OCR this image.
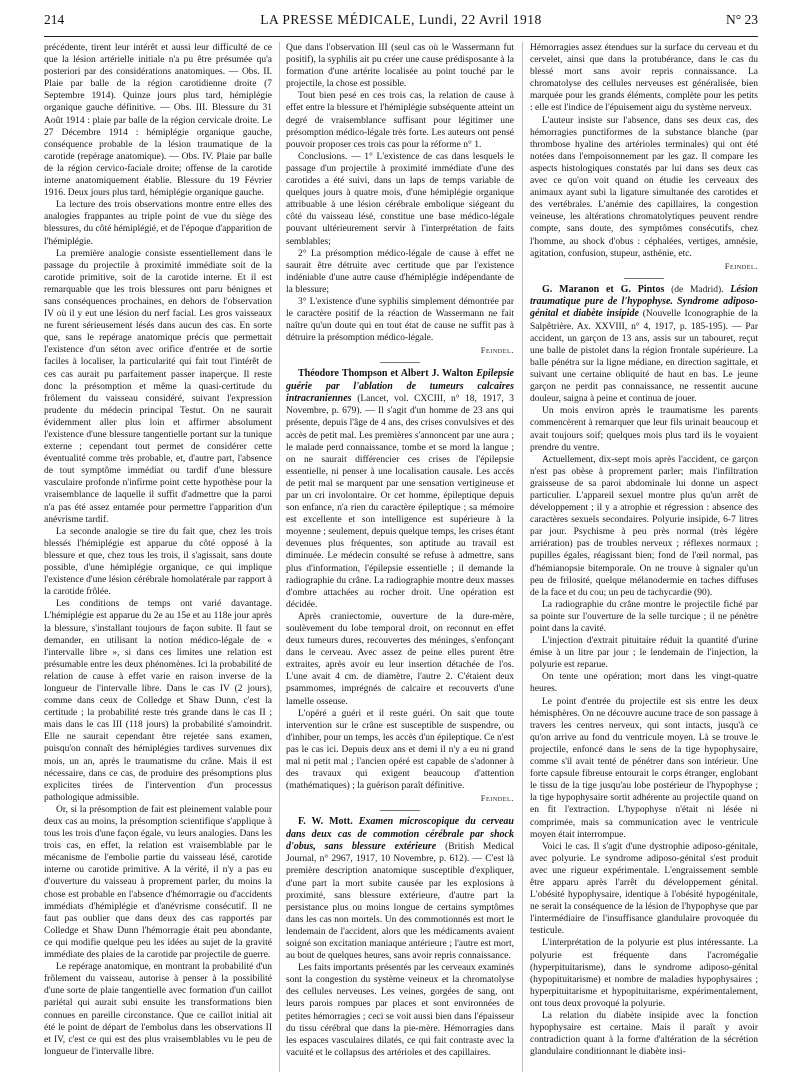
214	LA PRESSE MÉDICALE, Lundi, 22 Avril 1918	N° 23

précédente, tirent leur intérêt et aussi leur difficulté de ce que la lésion artérielle initiale n'a pu être présumée qu'a posteriori par des considérations anatomiques. — Obs. II. Plaie par balle de la région carotidienne droite (7 Septembre 1914). Quinze jours plus tard, hémiplégie organique gauche définitive. — Obs. III. Blessure du 31 Août 1914 : plaie par balle de la région cervicale droite. Le 27 Décembre 1914 : hémiplégie organique gauche, conséquence probable de la lésion traumatique de la carotide (repérage anatomique). — Obs. IV. Plaie par balle de la région cervico-faciale droite; offense de la carotide interne anatomiquement établie. Blessure du 19 Février 1916. Deux jours plus tard, hémiplégie organique gauche.

La lecture des trois observations montre entre elles des analogies frappantes au triple point de vue du siège des blessures, du côté hémiplégié, et de l'époque d'apparition de l'hémiplégie.

La première analogie consiste essentiellement dans le passage du projectile à proximité immédiate soit de la carotide primitive, soit de la carotide interne. Et il est remarquable que les trois blessures ont paru bénignes et sans conséquences prochaines, en dehors de l'observation IV où il y eut une lésion du nerf facial. Les gros vaisseaux ne furent sérieusement lésés dans aucun des cas. En sorte que, sans le repérage anatomique précis que permettait l'existence d'un séton avec orifice d'entrée et de sortie faciles à localiser, la particularité qui fait tout l'intérêt de ces cas aurait pu parfaitement passer inaperçue. Il reste donc la présomption et même la quasi-certitude du frôlement du vaisseau considéré, suivant l'expression prudente du médecin principal Testut. On ne saurait évidemment aller plus loin et affirmer absolument l'existence d'une blessure tangentielle portant sur la tunique externe ; cependant tout permet de considérer cette éventualité comme très probable, et, d'autre part, l'absence de tout symptôme immédiat ou tardif d'une blessure vasculaire profonde n'infirme point cette hypothèse pour la vraisemblance de laquelle il suffit d'admettre que la paroi n'a pas été assez entamée pour permettre l'apparition d'un anévrisme tardif.

La seconde analogie se tire du fait que, chez les trois blessés l'hémiplégie est apparue du côté opposé à la blessure et que, chez tous les trois, il s'agissait, sans doute possible, d'une hémiplégie organique, ce qui implique l'existence d'une lésion cérébrale homolatérale par rapport à la carotide frôlée.

Les conditions de temps ont varié davantage. L'hémiplégie est apparue du 2e au 15e et au 118e jour après la blessure, s'installant toujours de façon subite. Il faut se demander, en utilisant la notion médico-légale de « l'intervalle libre », si dans ces limites une relation est présumable entre les deux phénomènes. Ici la probabilité de relation de cause à effet varie en raison inverse de la longueur de l'intervalle libre. Dans le cas IV (2 jours), comme dans ceux de Colledge et Shaw Dunn, c'est la certitude ; la probabilité reste très grande dans le cas II ; mais dans le cas III (118 jours) la probabilité s'amoindrit. Elle ne saurait cependant être rejetée sans examen, puisqu'on connaît des hémiplégies tardives survenues dix mois, un an, après le traumatisme du crâne. Mais il est nécessaire, dans ce cas, de produire des présomptions plus explicites tirées de l'intervention d'un processus pathologique admissible.

Or, si la présomption de fait est pleinement valable pour deux cas au moins, la présomption scientifique s'applique à tous les trois d'une façon égale, vu leurs analogies. Dans les trois cas, en effet, la relation est vraisemblable par le mécanisme de l'embolie partie du vaisseau lésé, carotide interne ou carotide primitive. A la vérité, il n'y a pas eu d'ouverture du vaisseau à proprement parler, du moins la chose est probable en l'absence d'hémorragie ou d'accidents immédiats d'hémiplégie et d'anévrisme consécutif. Il ne faut pas oublier que dans deux des cas rapportés par Colledge et Shaw Dunn l'hémorragie était peu abondante, ce qui modifie quelque peu les idées au sujet de la gravité immédiate des plaies de la carotide par projectile de guerre.

Le repérage anatomique, en montrant la probabilité d'un frôlement du vaisseau, autorise à penser à la possibilité d'une sorte de plaie tangentielle avec formation d'un caillot pariétal qui aurait subi ensuite les transformations bien connues en pareille circonstance. Que ce caillot initial ait été le point de départ de l'embolus dans les observations II et IV, c'est ce qui est des plus vraisemblables vu le peu de longueur de l'intervalle libre.

Que dans l'observation III (seul cas où le Wassermann fut positif), la syphilis ait pu créer une cause prédisposante à la formation d'une artérite localisée au point touché par le projectile, la chose est possible.

Tout bien pesé en ces trois cas, la relation de cause à effet entre la blessure et l'hémiplégie subséquente atteint un degré de vraisemblance suffisant pour légitimer une présomption médico-légale très forte. Les auteurs ont pensé pouvoir proposer ces trois cas pour la réforme n° 1.

Conclusions. — 1° L'existence de cas dans lesquels le passage d'un projectile à proximité immédiate d'une des carotides a été suivi, dans un laps de temps variable de quelques jours à quatre mois, d'une hémiplégie organique attribuable à une lésion cérébrale embolique siégeant du côté du vaisseau lésé, constitue une base médico-légale pouvant ultérieurement servir à l'interprétation de faits semblables;

2° La présomption médico-légale de cause à effet ne saurait être détruite avec certitude que par l'existence indéniable d'une autre cause d'hémiplégie indépendante de la blessure;

3° L'existence d'une syphilis simplement démontrée par le caractère positif de la réaction de Wassermann ne fait naître qu'un doute qui en tout état de cause ne suffit pas à détruire la présomption médico-légale.

Feindel.

Théodore Thompson et Albert J. Walton Epilepsie guérie par l'ablation de tumeurs calcaires intracraniennes (Lancet, vol. CXCIII, n° 18, 1917, 3 Novembre, p. 679). — Il s'agit d'un homme de 23 ans qui présente, depuis l'âge de 4 ans, des crises convulsives et des accès de petit mal. Les premières s'annoncent par une aura ; le malade perd connaissance, tombe et se mord la langue ; on ne saurait différencier ces crises de l'épilepsie essentielle, ni penser à une localisation causale. Les accès de petit mal se marquent par une sensation vertigineuse et par un cri involontaire. Or cet homme, épileptique depuis son enfance, n'a rien du caractère épileptique ; sa mémoire est excellente et son intelligence est supérieure à la moyenne ; seulement, depuis quelque temps, les crises étant devenues plus fréquentes, son aptitude au travail est diminuée. Le médecin consulté se refuse à admettre, sans plus d'information, l'épilepsie essentielle ; il demande la radiographie du crâne. La radiographie montre deux masses d'ombre attachées au rocher droit. Une opération est décidée.

Après craniectomie, ouverture de la dure-mère, soulèvement du lobe temporal droit, on reconnut en effet deux tumeurs dures, recouvertes des méninges, s'enfonçant dans le cerveau. Avec assez de peine elles purent être extraites, après avoir eu leur insertion détachée de l'os. L'une avait 4 cm. de diamètre, l'autre 2. C'étaient deux psammomes, imprégnés de calcaire et recouverts d'une lamelle osseuse.

L'opéré a guéri et il reste guéri. On sait que toute intervention sur le crâne est susceptible de suspendre, ou d'inhiber, pour un temps, les accès d'un épileptique. Ce n'est pas le cas ici. Depuis deux ans et demi il n'y a eu ni grand mal ni petit mal ; l'ancien opéré est capable de s'adonner à des travaux qui exigent beaucoup d'attention (mathématiques) ; la guérison paraît définitive.

Feindel.

F. W. Mott. Examen microscopique du cerveau dans deux cas de commotion cérébrale par shock d'obus, sans blessure extérieure (British Medical Journal, n° 2967, 1917, 10 Novembre, p. 612). — C'est là première description anatomique susceptible d'expliquer, d'une part la mort subite causée par les explosions à proximité, sans blessure extérieure, d'autre part la persistance plus ou moins longue de certains symptômes dans les cas non mortels. Un des commotionnés est mort le lendemain de l'accident, alors que les médicaments avaient soigné son excitation maniaque antérieure ; l'autre est mort, au bout de quelques heures, sans avoir repris connaissance.

Les faits importants présentés par les cerveaux examinés sont la congestion du système veineux et la chromatolyse des cellules nerveuses. Les veines, gorgées de sang, ont leurs parois rompues par places et sont environnées de petites hémorragies ; ceci se voit aussi bien dans l'épaisseur du tissu cérébral que dans la pie-mère. Hémorragies dans les espaces vasculaires dilatés, ce qui fait contraste avec la vacuité et le collapsus des artérioles et des capillaires.

Hémorragies assez étendues sur la surface du cerveau et du cervelet, ainsi que dans la protubérance, dans le cas du blessé mort sans avoir repris connaissance. La chromatolyse des cellules nerveuses est généralisée, bien marquée pour les grands éléments, complète pour les petits : elle est l'indice de l'épuisement aigu du système nerveux.

L'auteur insiste sur l'absence, dans ses deux cas, des hémorragies punctiformes de la substance blanche (par thrombose hyaline des artérioles terminales) qui ont été notées dans l'empoisonnement par les gaz. Il compare les aspects histologiques constatés par lui dans ses deux cas avec ce qu'on voit quand on étudie les cerveaux des animaux ayant subi la ligature simultanée des carotides et des vertébrales. L'anémie des capillaires, la congestion veineuse, les altérations chromatolytiques peuvent rendre compte, sans doute, des symptômes consécutifs, chez l'homme, au shock d'obus : céphalées, vertiges, amnésie, agitation, confusion, stupeur, asthénie, etc.

Feindel.

G. Maranon et G. Pintos (de Madrid). Lésion traumatique pure de l'hypophyse. Syndrome adiposo-génital et diabète insipide (Nouvelle Iconographie de la Salpêtrière. Ax. XXVIII, n° 4, 1917, p. 185-195). — Par accident, un garçon de 13 ans, assis sur un tabouret, reçut une balle de pistolet dans la région frontale supérieure. La balle pénétra sur la ligne médiane, en direction sagittale, et suivant une certaine obliquité de haut en bas. Le jeune garçon ne perdit pas connaissance, ne ressentit aucune douleur, saigna à peine et continua de jouer.

Un mois environ après le traumatisme les parents commencèrent à remarquer que leur fils urinait beaucoup et avait toujours soif; quelques mois plus tard ils le voyaient prendre du ventre.

Actuellement, dix-sept mois après l'accident, ce garçon n'est pas obèse à proprement parler; mais l'infiltration graisseuse de sa paroi abdominale lui donne un aspect particulier. L'appareil sexuel montre plus qu'un arrêt de développement ; il y a atrophie et régression : absence des caractères sexuels secondaires. Polyurie insipide, 6-7 litres par jour. Psychisme à peu près normal (très légère arriération) pas de troubles nerveux ; réflexes normaux ; pupilles égales, réagissant bien; fond de l'œil normal, pas d'hémianopsie bitemporale. On ne trouve à signaler qu'un peu de frilosité, quelque mélanodermie en taches diffuses de la face et du cou; un peu de tachycardie (90).

La radiographie du crâne montre le projectile fiché par sa pointe sur l'ouverture de la selle turcique ; il ne pénètre point dans la cavité.

L'injection d'extrait pituitaire réduit la quantité d'urine émise à un litre par jour ; le lendemain de l'injection, la polyurie est reparue.

On tente une opération; mort dans les vingt-quatre heures.

Le point d'entrée du projectile est sis entre les deux hémisphères. On ne découvre aucune trace de son passage à travers les centres nerveux, qui sont intacts, jusqu'à ce qu'on arrive au fond du ventricule moyen. Là se trouve le projectile, enfoncé dans le sens de la tige hypophysaire, comme s'il avait tenté de pénétrer dans son intérieur. Une forte capsule fibreuse entourait le corps étranger, englobant le tissu de la tige jusqu'au lobe postérieur de l'hypophyse ; la tige hypophysaire sortit adhérente au projectile quand on en fit l'extraction. L'hypophyse n'était ni lésée ni comprimée, mais sa communication avec le ventricule moyen était interrompue.

Voici le cas. Il s'agit d'une dystrophie adiposo-génitale, avec polyurie. Le syndrome adiposo-génital s'est produit avec une rigueur expérimentale. L'engraissement semble être apparu après l'arrêt du développement génital. L'obésité hypophysaire, identique à l'obésité hypogénitale, ne serait la conséquence de la lésion de l'hypophyse que par l'intermédiaire de l'insuffisance glandulaire provoquée du testicule.

L'interprétation de la polyurie est plus intéressante. La polyurie est fréquente dans l'acromégalie (hyperpituitarisme), dans le syndrome adiposo-génital (hypopituitarisme) et nombre de maladies hypophysaires ; hyperpituitarisme et hypopituitarisme, expérimentalement, ont tous deux provoqué la polyurie.

La relation du diabète insipide avec la fonction hypophysaire est certaine. Mais il paraît y avoir contradiction quant à la forme d'altération de la sécrétion glandulaire conditionnant le diabète insi-
